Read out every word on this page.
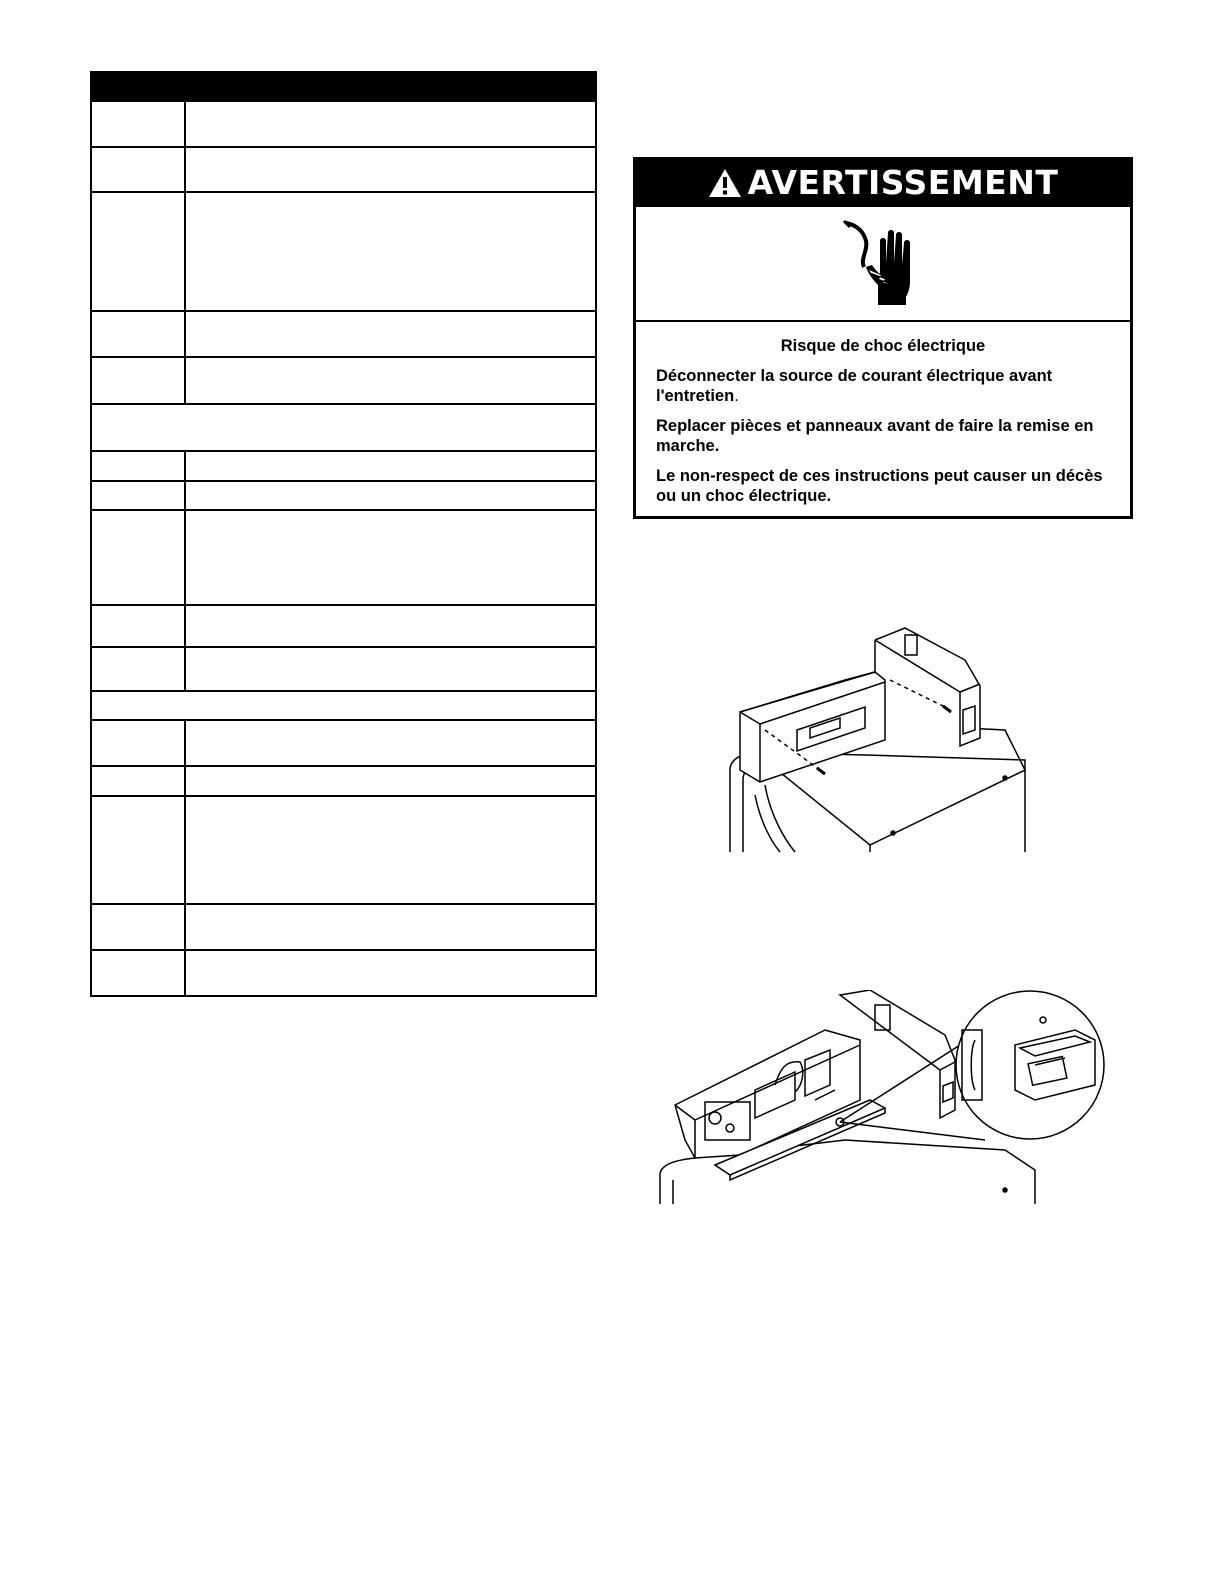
AVERTISSEMENT
Risque de choc électrique

Déconnecter la source de courant électrique avant l'entretien.

Replacer pièces et panneaux avant de faire la remise en marche.

Le non-respect de ces instructions peut causer un décès ou un choc électrique.
